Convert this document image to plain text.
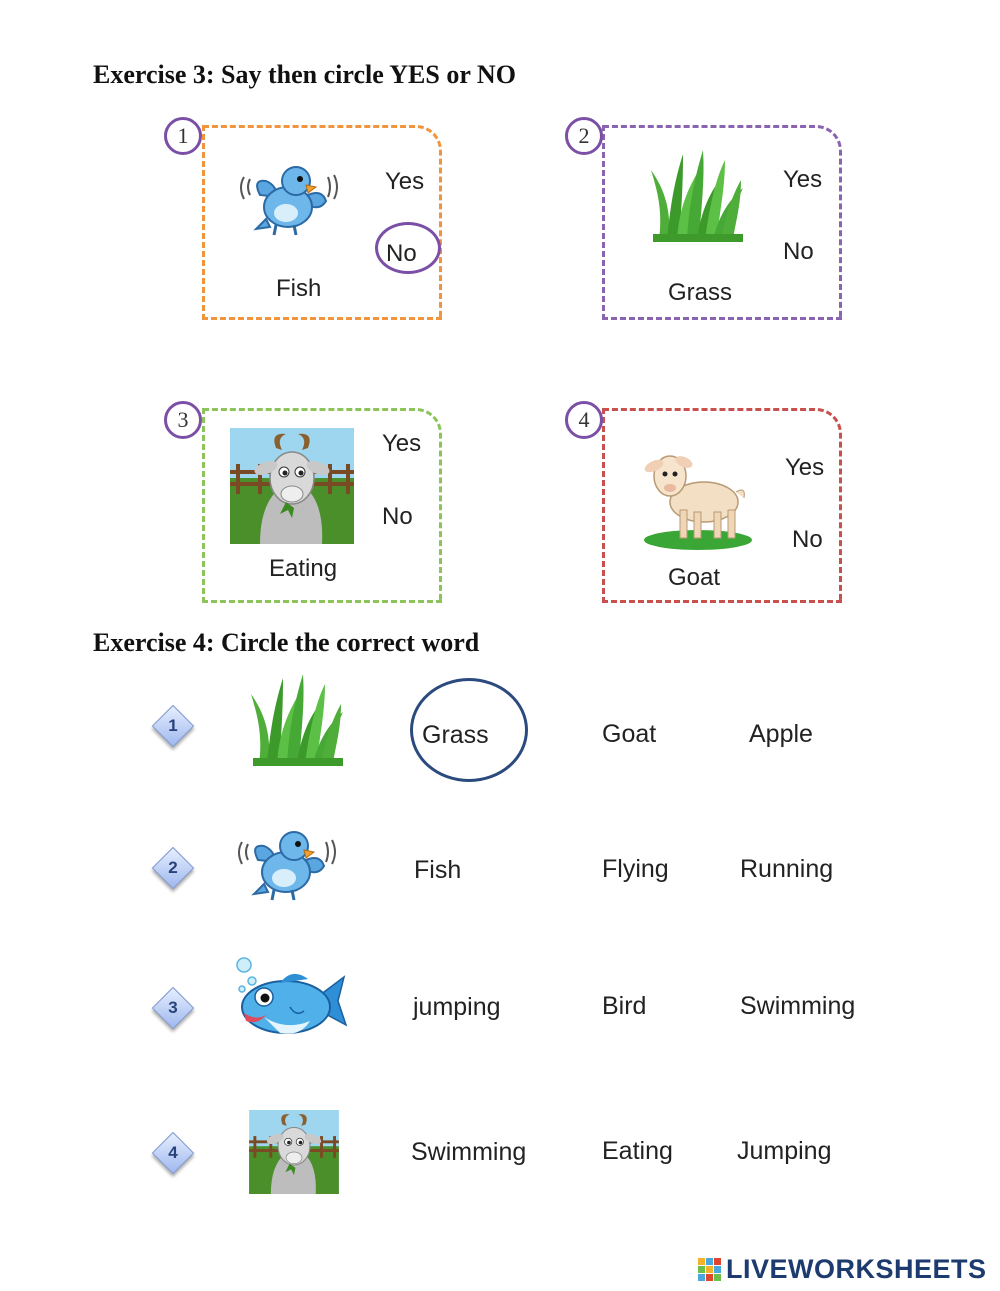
Exercise 3: Say then circle YES or NO
1
Yes
No
Fish
2
Yes
No
Grass
3
Yes
No
Eating
4
Yes
No
Goat
Exercise 4: Circle the correct word
1	Grass	Goat	Apple
2	Fish	Flying	Running
3	jumping	Bird	Swimming
4	Swimming	Eating	Jumping
LIVEWORKSHEETS
